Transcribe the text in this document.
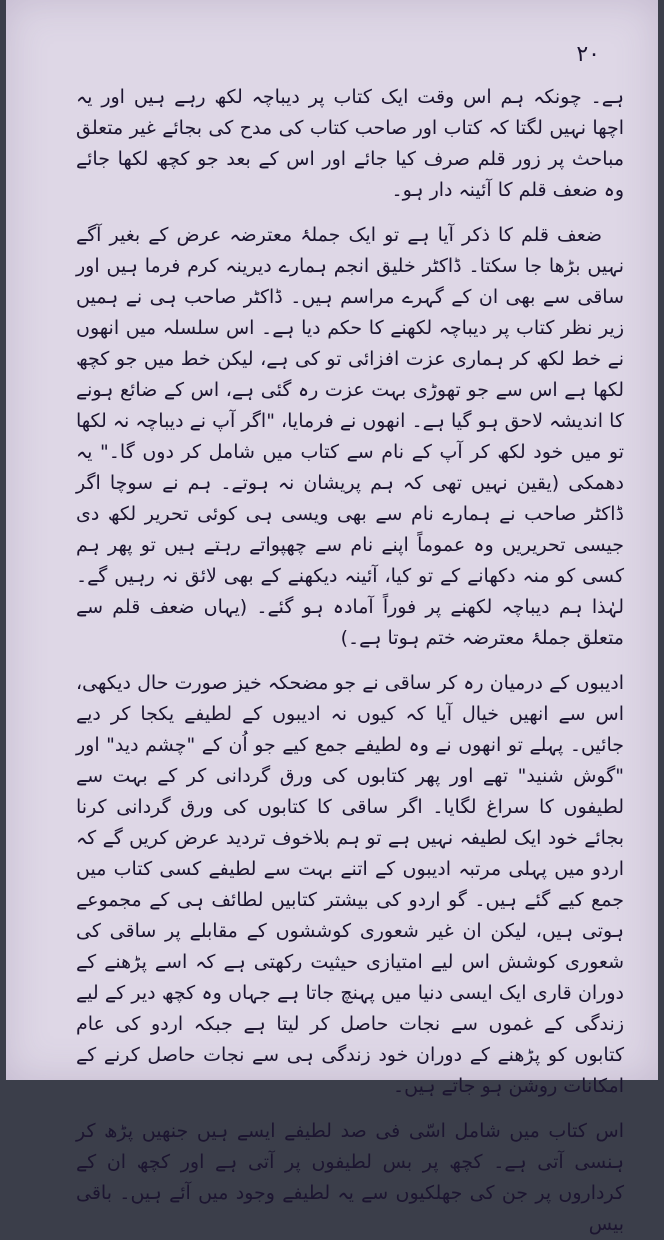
٢٠

ہے۔ چونکہ ہم اس وقت ایک کتاب پر دیباچہ لکھ رہے ہیں اور یہ اچھا نہیں لگتا کہ کتاب اور صاحب کتاب کی مدح کی بجائے غیر متعلق مباحث پر زور قلم صرف کیا جائے اور اس کے بعد جو کچھ لکھا جائے وہ ضعف قلم کا آئینہ دار ہو۔

ضعف قلم کا ذکر آیا ہے تو ایک جملۂ معترضہ عرض کے بغیر آگے نہیں بڑھا جا سکتا۔ ڈاکٹر خلیق انجم ہمارے دیرینہ کرم فرما ہیں اور ساقی سے بھی ان کے گہرے مراسم ہیں۔ ڈاکٹر صاحب ہی نے ہمیں زیر نظر کتاب پر دیباچہ لکھنے کا حکم دیا ہے۔ اس سلسلہ میں انھوں نے خط لکھ کر ہماری عزت افزائی تو کی ہے، لیکن خط میں جو کچھ لکھا ہے اس سے جو تھوڑی بہت عزت رہ گئی ہے، اس کے ضائع ہونے کا اندیشہ لاحق ہو گیا ہے۔ انھوں نے فرمایا، "اگر آپ نے دیباچہ نہ لکھا تو میں خود لکھ کر آپ کے نام سے کتاب میں شامل کر دوں گا۔" یہ دھمکی (یقین نہیں تھی کہ ہم پریشان نہ ہوتے۔ ہم نے سوچا اگر ڈاکٹر صاحب نے ہمارے نام سے بھی ویسی ہی کوئی تحریر لکھ دی جیسی تحریریں وہ عموماً اپنے نام سے چھپواتے رہتے ہیں تو پھر ہم کسی کو منہ دکھانے کے تو کیا، آئینہ دیکھنے کے بھی لائق نہ رہیں گے۔ لہٰذا ہم دیباچہ لکھنے پر فوراً آمادہ ہو گئے۔ (یہاں ضعف قلم سے متعلق جملۂ معترضہ ختم ہوتا ہے۔)

ادیبوں کے درمیان رہ کر ساقی نے جو مضحکہ خیز صورت حال دیکھی، اس سے انھیں خیال آیا کہ کیوں نہ ادیبوں کے لطیفے یکجا کر دیے جائیں۔ پہلے تو انھوں نے وہ لطیفے جمع کیے جو اُن کے "چشم دید" اور "گوش شنید" تھے اور پھر کتابوں کی ورق گردانی کر کے بہت سے لطیفوں کا سراغ لگایا۔ اگر ساقی کا کتابوں کی ورق گردانی کرنا بجائے خود ایک لطیفہ نہیں ہے تو ہم بلاخوف تردید عرض کریں گے کہ اردو میں پہلی مرتبہ ادیبوں کے اتنے بہت سے لطیفے کسی کتاب میں جمع کیے گئے ہیں۔ گو اردو کی بیشتر کتابیں لطائف ہی کے مجموعے ہوتی ہیں، لیکن ان غیر شعوری کوششوں کے مقابلے پر ساقی کی شعوری کوشش اس لیے امتیازی حیثیت رکھتی ہے کہ اسے پڑھنے کے دوران قاری ایک ایسی دنیا میں پہنچ جاتا ہے جہاں وہ کچھ دیر کے لیے زندگی کے غموں سے نجات حاصل کر لیتا ہے جبکہ اردو کی عام کتابوں کو پڑھنے کے دوران خود زندگی ہی سے نجات حاصل کرنے کے امکانات روشن ہو جاتے ہیں۔

اس کتاب میں شامل اسّی فی صد لطیفے ایسے ہیں جنھیں پڑھ کر ہنسی آتی ہے۔ کچھ پر بس لطیفوں پر آتی ہے اور کچھ ان کے کرداروں پر جن کی جھلکیوں سے یہ لطیفے وجود میں آئے ہیں۔ باقی بیس
